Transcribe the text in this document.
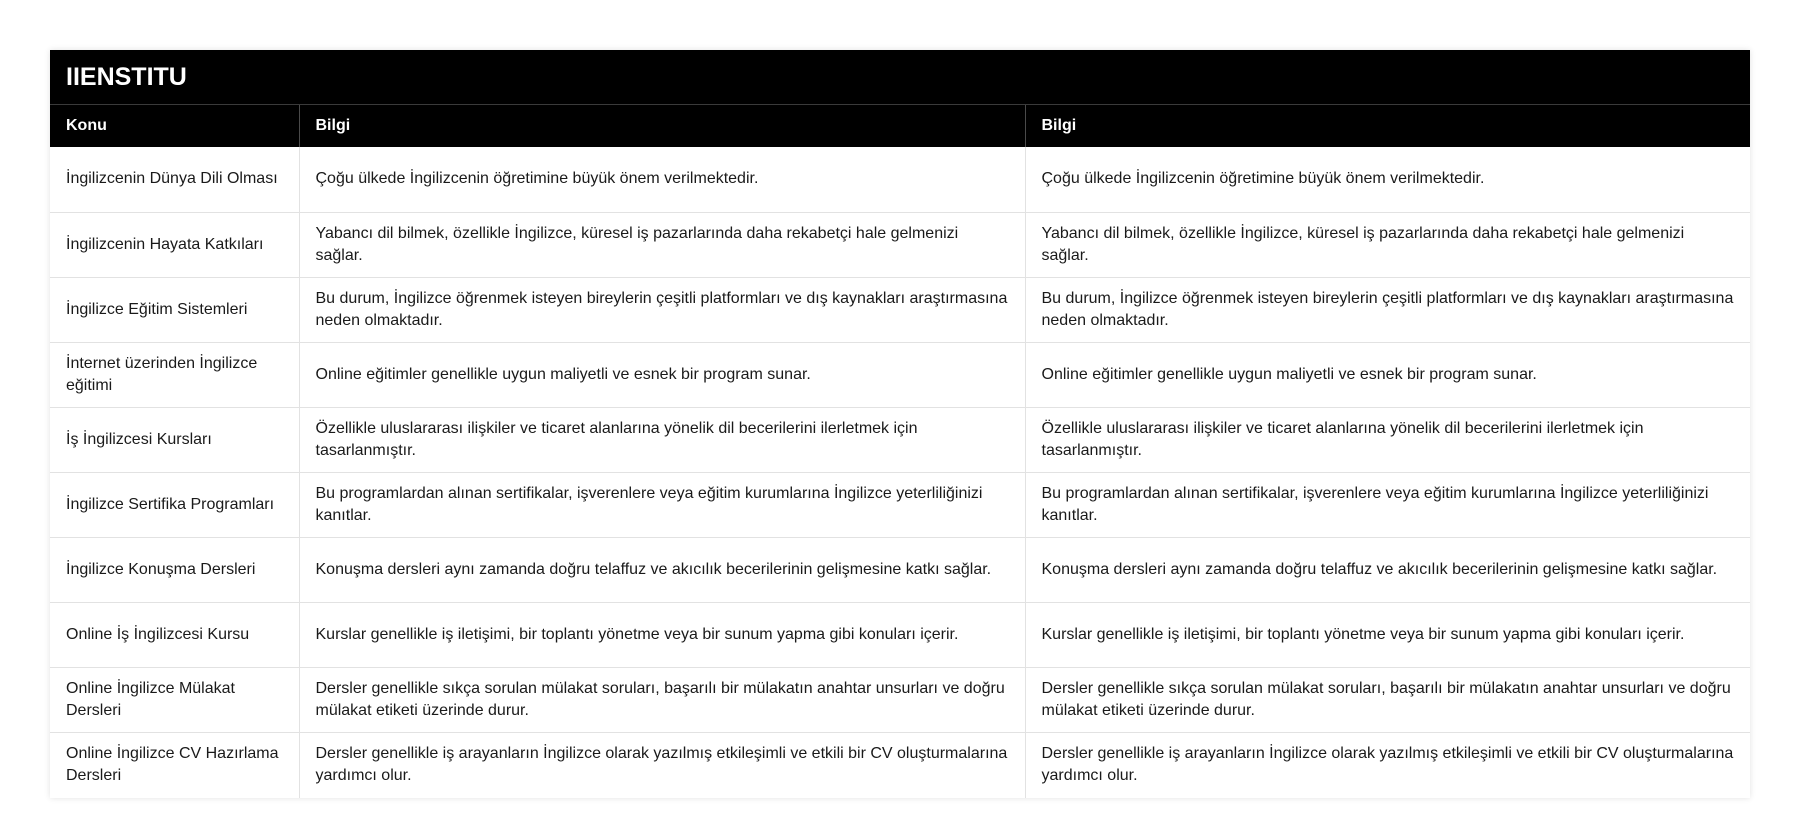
IIENSTITU
Konu	Bilgi	Bilgi
İngilizcenin Dünya Dili Olması	Çoğu ülkede İngilizcenin öğretimine büyük önem verilmektedir.	Çoğu ülkede İngilizcenin öğretimine büyük önem verilmektedir.
İngilizcenin Hayata Katkıları	Yabancı dil bilmek, özellikle İngilizce, küresel iş pazarlarında daha rekabetçi hale gelmenizi sağlar.	Yabancı dil bilmek, özellikle İngilizce, küresel iş pazarlarında daha rekabetçi hale gelmenizi sağlar.
İngilizce Eğitim Sistemleri	Bu durum, İngilizce öğrenmek isteyen bireylerin çeşitli platformları ve dış kaynakları araştırmasına neden olmaktadır.	Bu durum, İngilizce öğrenmek isteyen bireylerin çeşitli platformları ve dış kaynakları araştırmasına neden olmaktadır.
İnternet üzerinden İngilizce eğitimi	Online eğitimler genellikle uygun maliyetli ve esnek bir program sunar.	Online eğitimler genellikle uygun maliyetli ve esnek bir program sunar.
İş İngilizcesi Kursları	Özellikle uluslararası ilişkiler ve ticaret alanlarına yönelik dil becerilerini ilerletmek için tasarlanmıştır.	Özellikle uluslararası ilişkiler ve ticaret alanlarına yönelik dil becerilerini ilerletmek için tasarlanmıştır.
İngilizce Sertifika Programları	Bu programlardan alınan sertifikalar, işverenlere veya eğitim kurumlarına İngilizce yeterliliğinizi kanıtlar.	Bu programlardan alınan sertifikalar, işverenlere veya eğitim kurumlarına İngilizce yeterliliğinizi kanıtlar.
İngilizce Konuşma Dersleri	Konuşma dersleri aynı zamanda doğru telaffuz ve akıcılık becerilerinin gelişmesine katkı sağlar.	Konuşma dersleri aynı zamanda doğru telaffuz ve akıcılık becerilerinin gelişmesine katkı sağlar.
Online İş İngilizcesi Kursu	Kurslar genellikle iş iletişimi, bir toplantı yönetme veya bir sunum yapma gibi konuları içerir.	Kurslar genellikle iş iletişimi, bir toplantı yönetme veya bir sunum yapma gibi konuları içerir.
Online İngilizce Mülakat Dersleri	Dersler genellikle sıkça sorulan mülakat soruları, başarılı bir mülakatın anahtar unsurları ve doğru mülakat etiketi üzerinde durur.	Dersler genellikle sıkça sorulan mülakat soruları, başarılı bir mülakatın anahtar unsurları ve doğru mülakat etiketi üzerinde durur.
Online İngilizce CV Hazırlama Dersleri	Dersler genellikle iş arayanların İngilizce olarak yazılmış etkileşimli ve etkili bir CV oluşturmalarına yardımcı olur.	Dersler genellikle iş arayanların İngilizce olarak yazılmış etkileşimli ve etkili bir CV oluşturmalarına yardımcı olur.
